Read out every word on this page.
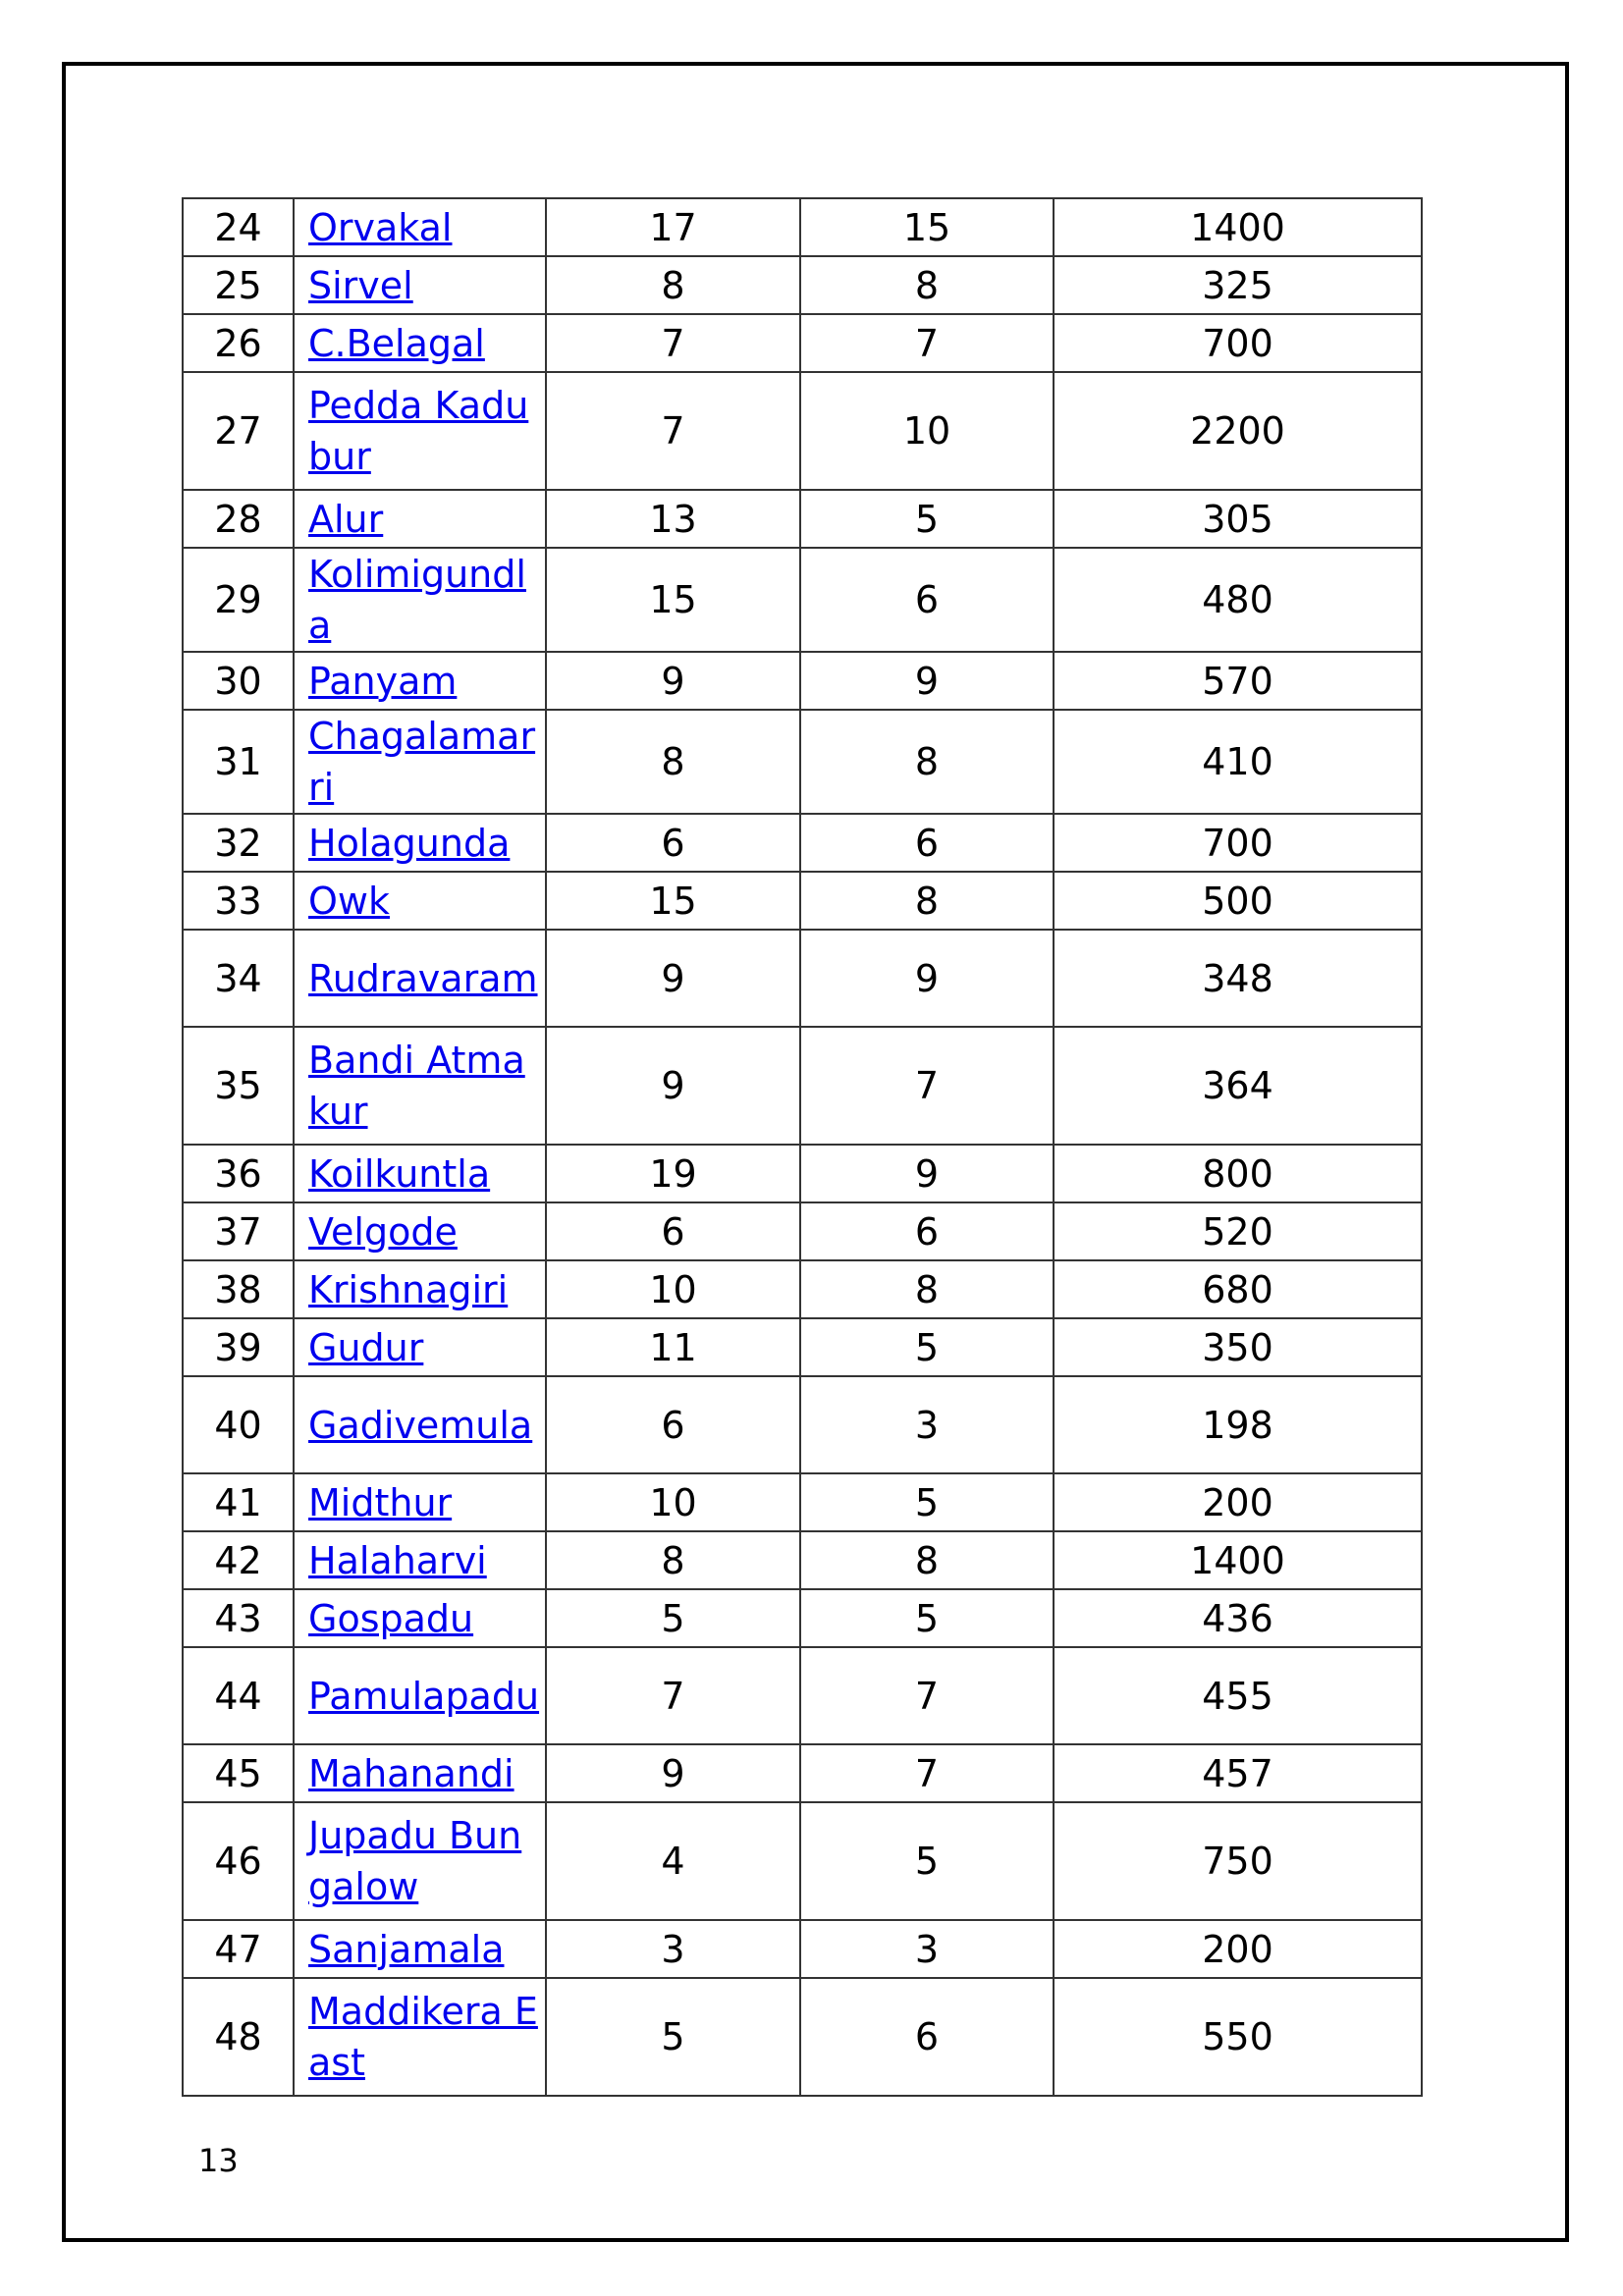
24	Orvakal	17	15	1400
25	Sirvel	8	8	325
26	C.Belagal	7	7	700
27	Pedda Kadubur	7	10	2200
28	Alur	13	5	305
29	Kolimigundla	15	6	480
30	Panyam	9	9	570
31	Chagalamarri	8	8	410
32	Holagunda	6	6	700
33	Owk	15	8	500
34	Rudravaram	9	9	348
35	Bandi Atmakur	9	7	364
36	Koilkuntla	19	9	800
37	Velgode	6	6	520
38	Krishnagiri	10	8	680
39	Gudur	11	5	350
40	Gadivemula	6	3	198
41	Midthur	10	5	200
42	Halaharvi	8	8	1400
43	Gospadu	5	5	436
44	Pamulapadu	7	7	455
45	Mahanandi	9	7	457
46	Jupadu Bungalow	4	5	750
47	Sanjamala	3	3	200
48	Maddikera East	5	6	550
13
